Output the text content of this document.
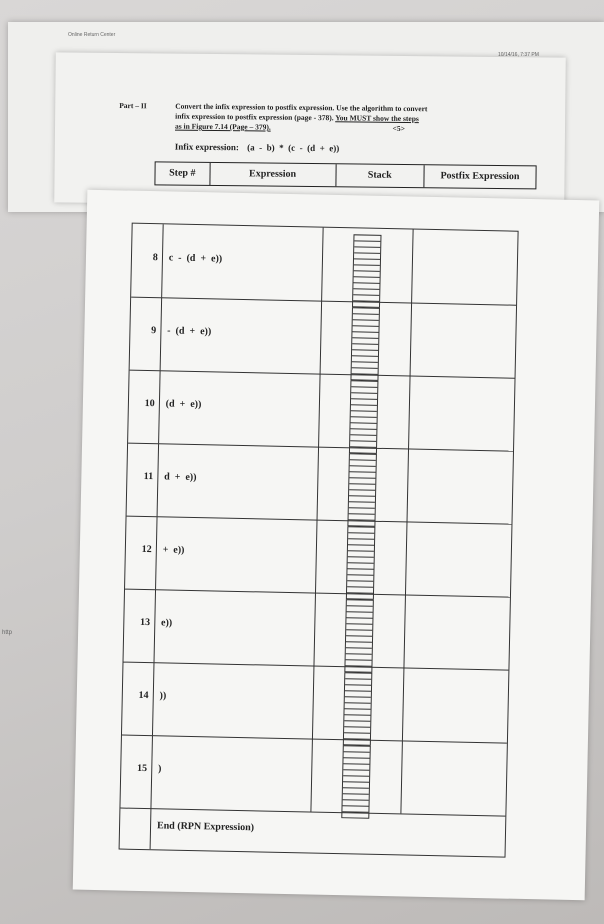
Online Return Center
10/14/16, 7:37 PM
Part – II	Convert the infix expression to postfix expression. Use the algorithm to convert
infix expression to postfix expression (page - 378). You MUST show the steps
as in Figure 7.14 (Page – 379).	<5>
Infix expression: (a  -  b)  *  (c  -  (d  +  e))
Step #	Expression	Stack	Postfix Expression
http
8 c  -  (d  +  e))
9 -  (d  +  e))
10 (d  +  e))
11 d  +  e))
12 +  e))
13 e))
14 ))
15 )
End (RPN Expression)
